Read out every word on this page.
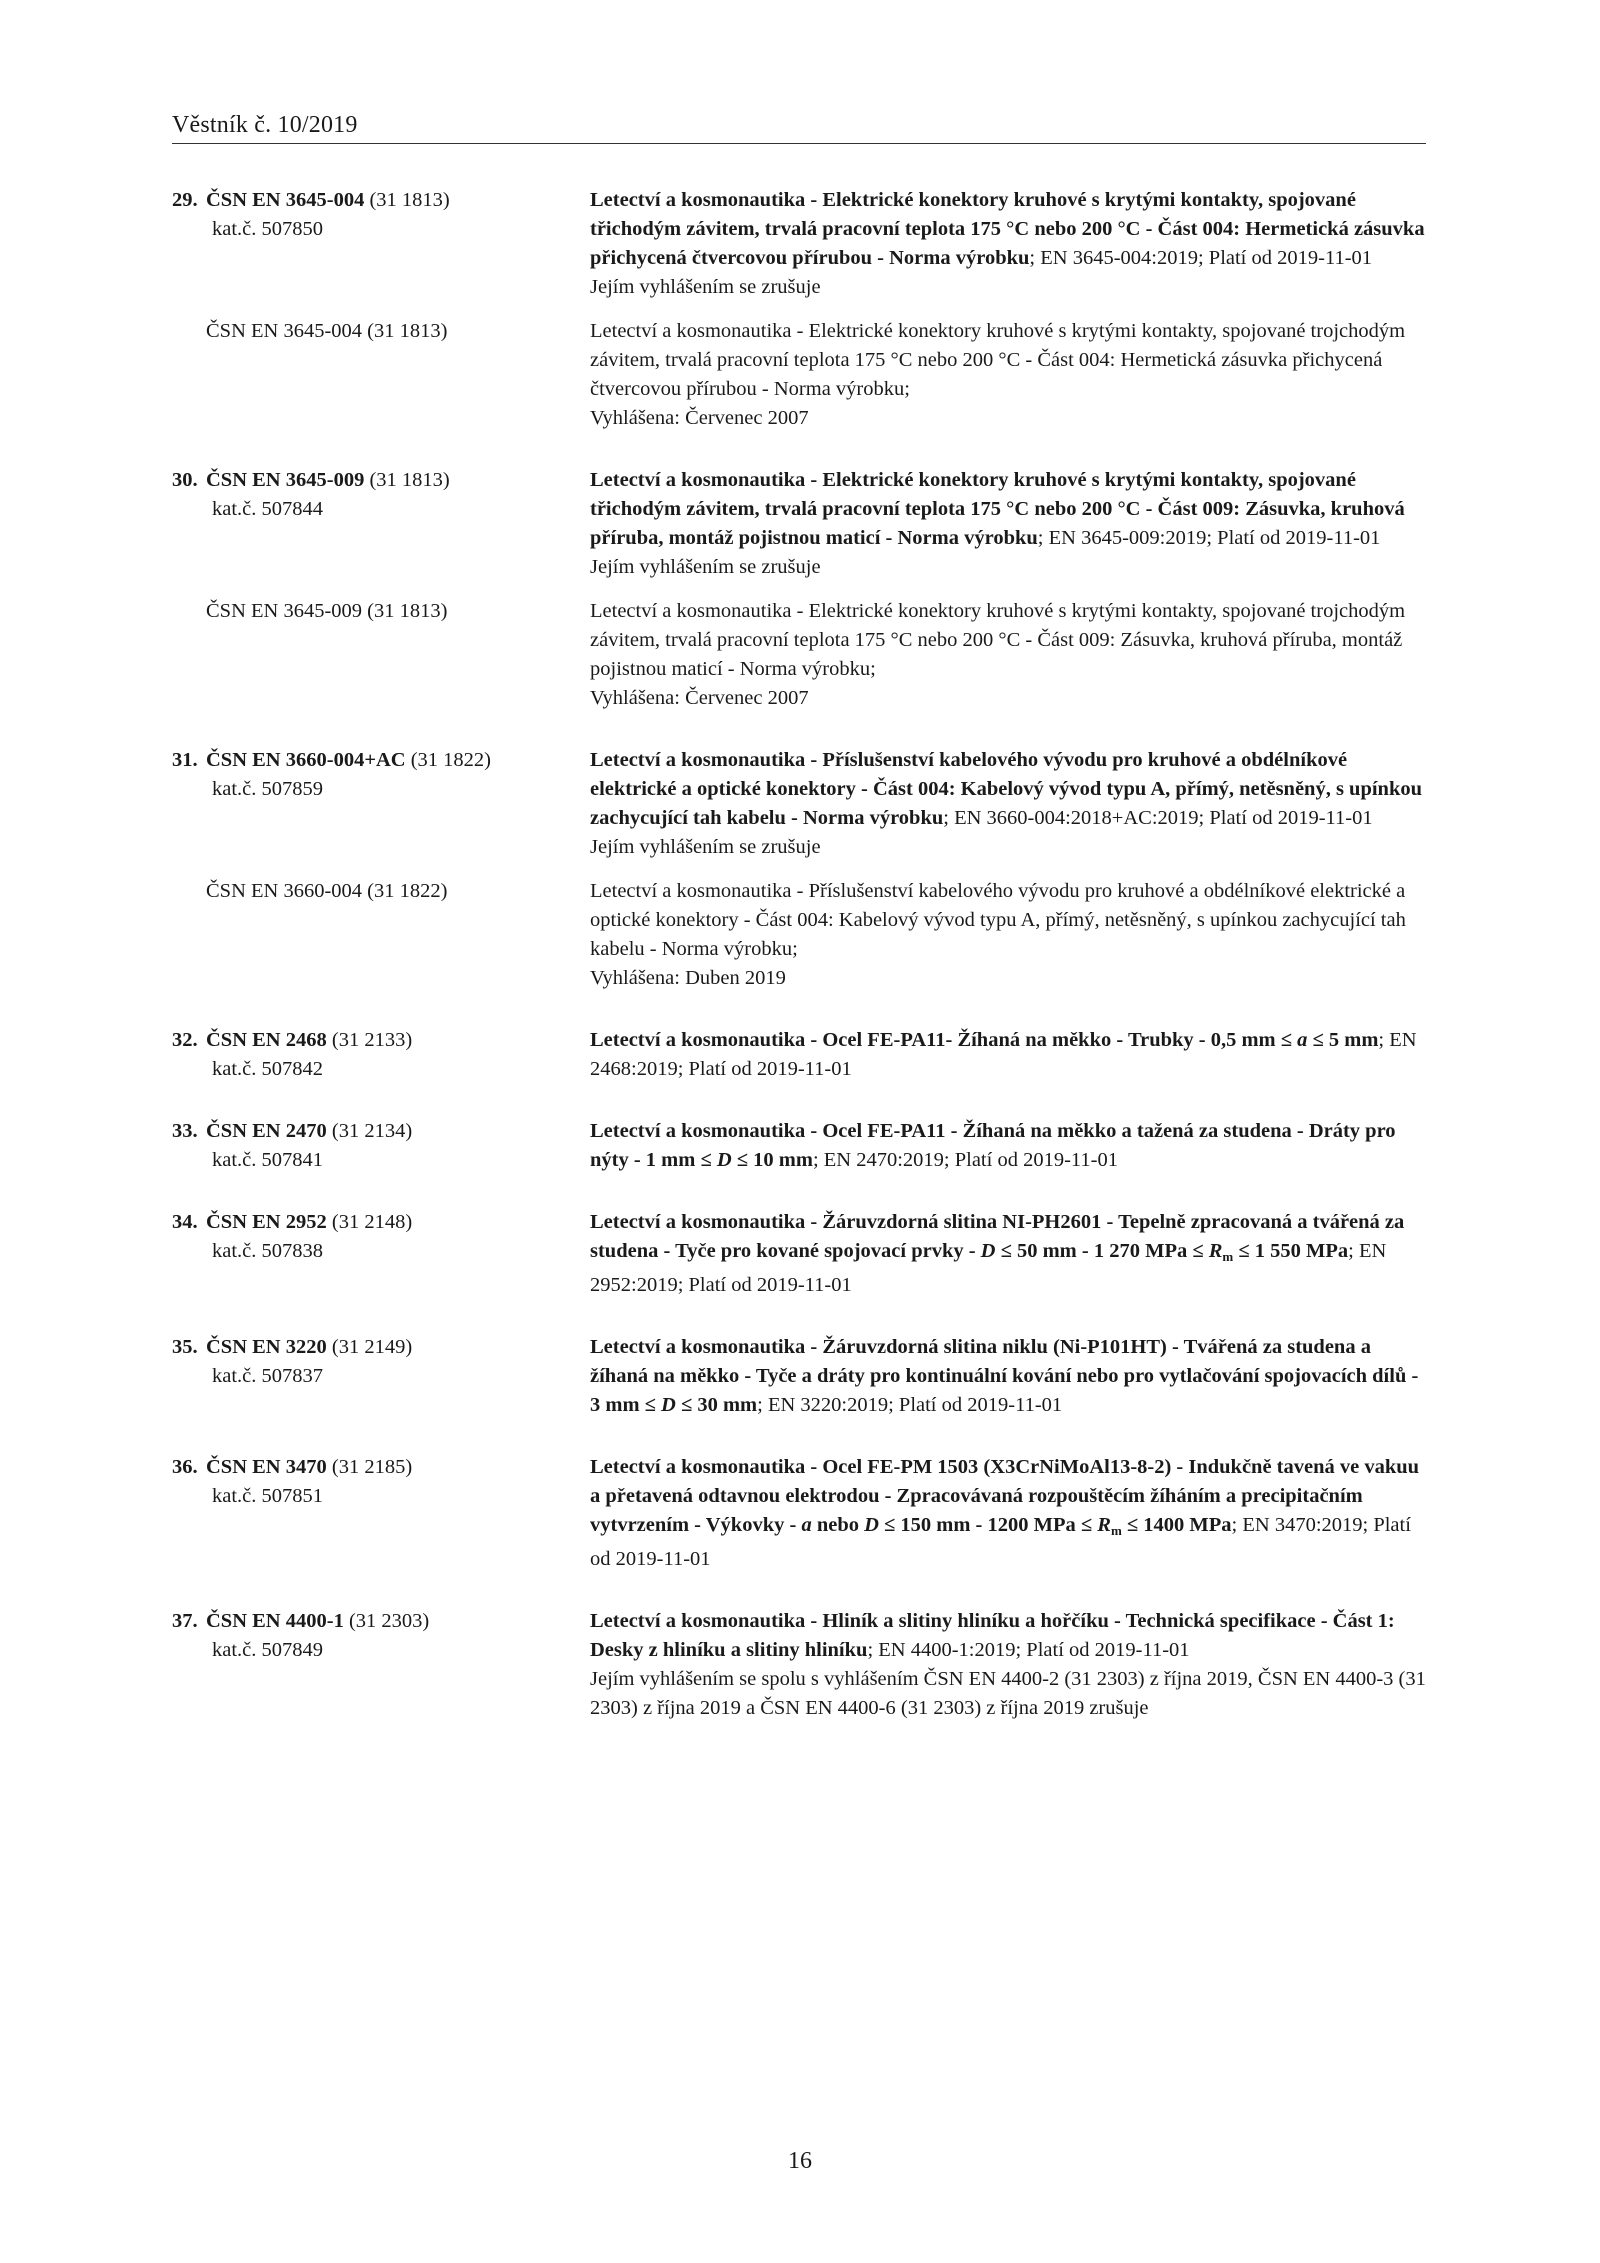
Věstník č. 10/2019
29. ČSN EN 3645-004 (31 1813)
kat.č. 507850
Letectví a kosmonautika - Elektrické konektory kruhové s krytými kontakty, spojované třichodým závitem, trvalá pracovní teplota 175 °C nebo 200 °C - Část 004: Hermetická zásuvka přichycená čtvercovou přírubou - Norma výrobku; EN 3645-004:2019; Platí od 2019-11-01
Jejím vyhlášením se zrušuje
ČSN EN 3645-004 (31 1813)	Letectví a kosmonautika - Elektrické konektory kruhové s krytými kontakty, spojované trojchodým závitem, trvalá pracovní teplota 175 °C nebo 200 °C - Část 004: Hermetická zásuvka přichycená čtvercovou přírubou - Norma výrobku;
Vyhlášena: Červenec 2007
30. ČSN EN 3645-009 (31 1813)
kat.č. 507844
Letectví a kosmonautika - Elektrické konektory kruhové s krytými kontakty, spojované třichodým závitem, trvalá pracovní teplota 175 °C nebo 200 °C - Část 009: Zásuvka, kruhová příruba, montáž pojistnou maticí - Norma výrobku; EN 3645-009:2019; Platí od 2019-11-01
Jejím vyhlášením se zrušuje
ČSN EN 3645-009 (31 1813)	Letectví a kosmonautika - Elektrické konektory kruhové s krytými kontakty, spojované trojchodým závitem, trvalá pracovní teplota 175 °C nebo 200 °C - Část 009: Zásuvka, kruhová příruba, montáž pojistnou maticí - Norma výrobku;
Vyhlášena: Červenec 2007
31. ČSN EN 3660-004+AC (31 1822)
kat.č. 507859
Letectví a kosmonautika - Příslušenství kabelového vývodu pro kruhové a obdélníkové elektrické a optické konektory - Část 004: Kabelový vývod typu A, přímý, netěsněný, s upínkou zachycující tah kabelu - Norma výrobku; EN 3660-004:2018+AC:2019; Platí od 2019-11-01
Jejím vyhlášením se zrušuje
ČSN EN 3660-004 (31 1822)	Letectví a kosmonautika - Příslušenství kabelového vývodu pro kruhové a obdélníkové elektrické a optické konektory - Část 004: Kabelový vývod typu A, přímý, netěsněný, s upínkou zachycující tah kabelu - Norma výrobku;
Vyhlášena: Duben 2019
32. ČSN EN 2468 (31 2133)
kat.č. 507842
Letectví a kosmonautika - Ocel FE-PA11- Žíhaná na měkko - Trubky - 0,5 mm ≤ a ≤ 5 mm; EN 2468:2019; Platí od 2019-11-01
33. ČSN EN 2470 (31 2134)
kat.č. 507841
Letectví a kosmonautika - Ocel FE-PA11 - Žíhaná na měkko a tažená za studena - Dráty pro nýty - 1 mm ≤ D ≤ 10 mm; EN 2470:2019; Platí od 2019-11-01
34. ČSN EN 2952 (31 2148)
kat.č. 507838
Letectví a kosmonautika - Žáruvzdorná slitina NI-PH2601 - Tepelně zpracovaná a tvářená za studena - Tyče pro kované spojovací prvky - D ≤ 50 mm - 1 270 MPa ≤ $R_m \le 1$ 550 MPa; EN 2952:2019; Platí od 2019-11-01
35. ČSN EN 3220 (31 2149)
kat.č. 507837
Letectví a kosmonautika - Žáruvzdorná slitina niklu (Ni-P101HT) - Tvářená za studena a žíhaná na měkko - Tyče a dráty pro kontinuální kování nebo pro vytlačování spojovacích dílů - 3 mm ≤ D ≤ 30 mm; EN 3220:2019; Platí od 2019-11-01
36. ČSN EN 3470 (31 2185)
kat.č. 507851
Letectví a kosmonautika - Ocel FE-PM 1503 (X3CrNiMoAl13-8-2) - Indukčně tavená ve vakuu a přetavená odtavnou elektrodou - Zpracovávaná rozpouštěcím žíháním a precipitačním vytvrzením - Výkovky - a nebo D ≤ 150 mm - 1200 MPa ≤ $R_m \le 1400$ MPa; EN 3470:2019; Platí od 2019-11-01
37. ČSN EN 4400-1 (31 2303)
kat.č. 507849
Letectví a kosmonautika - Hliník a slitiny hliníku a hořčíku - Technická specifikace - Část 1: Desky z hliníku a slitiny hliníku; EN 4400-1:2019; Platí od 2019-11-01
Jejím vyhlášením se spolu s vyhlášením ČSN EN 4400-2 (31 2303) z října 2019, ČSN EN 4400-3 (31 2303) z října 2019 a ČSN EN 4400-6 (31 2303) z října 2019 zrušuje
16
